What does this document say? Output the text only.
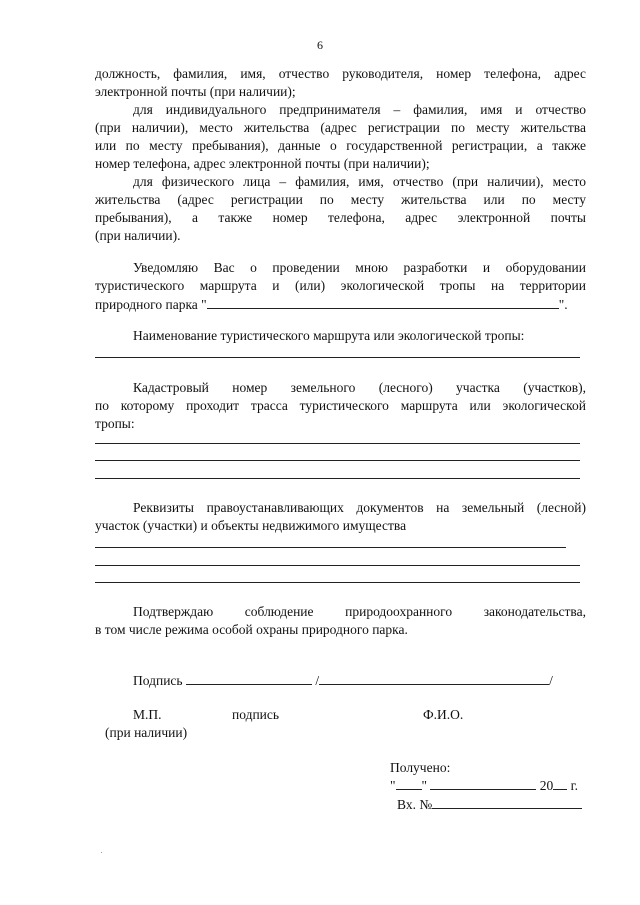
6
должность, фамилия, имя, отчество руководителя, номер телефона, адрес
электронной почты (при наличии);
для индивидуального предпринимателя – фамилия, имя и отчество
(при наличии), место жительства (адрес регистрации по месту жительства
или по месту пребывания), данные о государственной регистрации, а также
номер телефона, адрес электронной почты (при наличии);
для физического лица – фамилия, имя, отчество (при наличии), место
жительства (адрес регистрации по месту жительства или по месту
пребывания), а также номер телефона, адрес электронной почты
(при наличии).
Уведомляю Вас о проведении мною разработки и оборудовании
туристического маршрута и (или) экологической тропы на территории
природного парка "	".
Наименование туристического маршрута или экологической тропы:
Кадастровый номер земельного (лесного) участка (участков),
по которому проходит трасса туристического маршрута или экологической
тропы:
Реквизиты правоустанавливающих документов на земельный (лесной)
участок (участки) и объекты недвижимого имущества
Подтверждаю соблюдение природоохранного законодательства,
в том числе режима особой охраны природного парка.
Подпись	/	/
М.П.	подпись	Ф.И.О.
(при наличии)
Получено:
" "	20 г.
Вх. №
